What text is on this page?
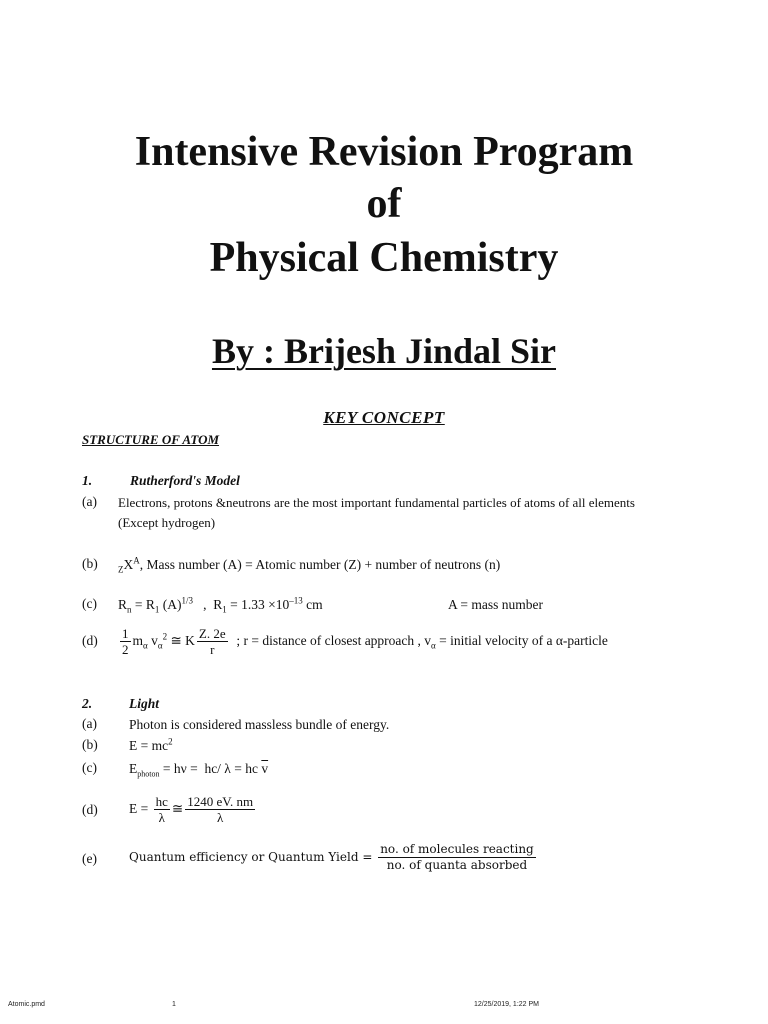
Intensive Revision Program
of
Physical Chemistry
By : Brijesh Jindal Sir
KEY CONCEPT
STRUCTURE OF ATOM
1.	Rutherford's Model
(a) Electrons, protons &neutrons are the most important fundamental particles of atoms of all elements
(Except hydrogen)
(b) $_ZX^A$, Mass number (A) = Atomic number (Z) + number of neutrons (n)
(c) $R_n = R_1$ $(A)^{1/3}$   ,  $R_1 = 1.33 \times 10^{-13}$ cm	A = mass number
$(d) \frac{1}{2} m_\alpha$ $v_\alpha^2$ ≅ K $\frac{Z. 2e}{r}$ ; r = distance of closest approach , $v_\alpha$ = initial velocity of a α-particle
2.	Light
(a) Photon is considered massless bundle of energy.
(b) $E = mc^2$
(c) $E_{photon} = h\nu = hc/$ λ = hc $\overline{v}$
(d) $E = \frac{hc}{\lambda}$ ≅ $\frac{1240 eV. nm}{\lambda}$
(e)	Quantum efficiency or Quantum Yield = $\frac{\text{no. of molecules reacting}}{\text{no. of quanta absorbed}}$
Atomic.pmd	1	12/25/2019, 1:22 PM
